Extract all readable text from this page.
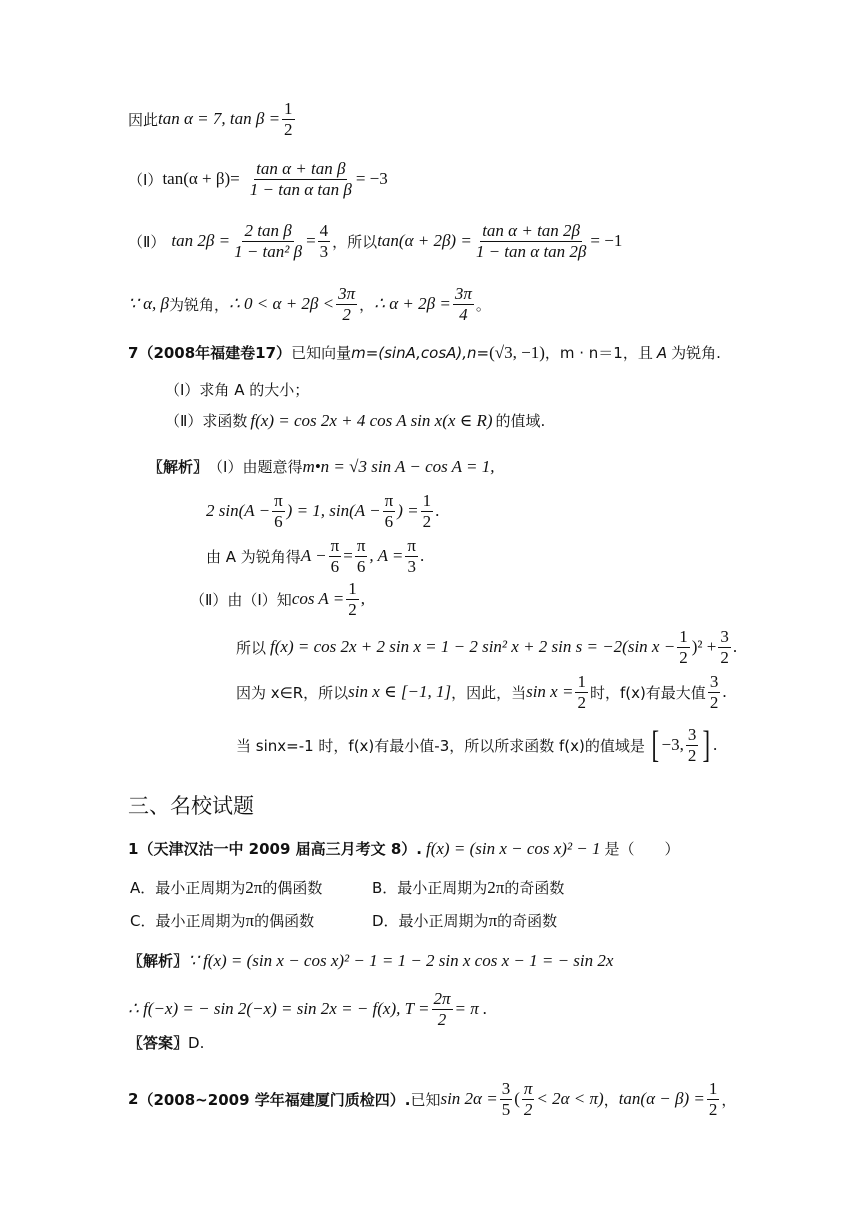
因此 tan α = 7, $\tan \beta = \frac{1}{2}$
（Ⅰ） $\tan(\alpha + \beta)= \frac{\text{tan α + tan β}}{\text{1 − tan α tan β}} = -3$
（Ⅱ） $\tan 2\beta = \frac{\text{2 tan β}}{\text{1 − tan² β}} = \frac{4}{3}$ ，所以 $\tan(\alpha + 2\beta) = \frac{\text{tan α + tan 2β}}{\text{1 − tan α tan 2β}} = -1$
∵ α, β 为锐角， ∴ $0 < \alpha + 2\beta < \frac{3\pi}{2}$ ， ∴ $\alpha + 2\beta = \frac{3\pi}{4}$ 。
7 （2008年福建卷17） 已知向量 m=(sinA,cosA),n= (√3, −1) ，m · n＝1，且 A 为锐角.
（Ⅰ）求角 A 的大小；
（Ⅱ）求函数 f(x) = cos 2x + 4 cos A sin x(x ∈ R) 的值域.
〖解析〗 （Ⅰ）由题意得 m•n = √3 sin A − cos A = 1,
2 $\sin(A - \frac{\pi}{6}$ ) = 1, $\sin(A - \frac{\pi}{6}$ ) = $\frac{1}{2}$ .
由 A 为锐角得 $A - \frac{\pi}{6} = \frac{\pi}{6}$ , $A = \frac{\pi}{3}$ .
（Ⅱ）由（Ⅰ）知 $\cos A = \frac{1}{2}$ ,
所以 f(x) = cos 2x + 2 sin x = 1 − 2 sin² x + 2 sin s = −2(sin $x - \frac{1}{2} )^2 + \frac{3}{2}$ .
因为 x∈R，所以 sin x ∈ [−1, 1] ，因此，当 $\sin x = \frac{1}{2}$ 时，f(x)有最大值 $\frac{3}{2}$ .
当 sinx=-1 时，f(x)有最小值-3，所以所求函数 f(x)的值域是 [ −3, $\frac{3}{2}$ ] .
三、名校试题
1 （天津汉沽一中 2009 届高三月考文 8）. f(x) = (sin x − cos x)² − 1 是（　　）
A．最小正周期为 2π 的偶函数	B．最小正周期为 2π 的奇函数
C．最小正周期为 π 的偶函数	D．最小正周期为 π 的奇函数
〖解析〗 ∵ f(x) = (sin x − cos x)² − 1 = 1 − 2 sin x cos x − 1 = − sin 2x
∴ f(−x) = − sin 2(−x) = sin 2x = − f(x), $T = \frac{2\pi}{2} = \pi$ .
〖答案〗 D.
2 （2008~2009 学年福建厦门质检四）. 已知 $\sin 2\alpha = \frac{3}{5}$ ( $\frac{\pi}{2} < 2\alpha < \pi$) ， $\tan(\alpha - \beta) = \frac{1}{2}$ ，
